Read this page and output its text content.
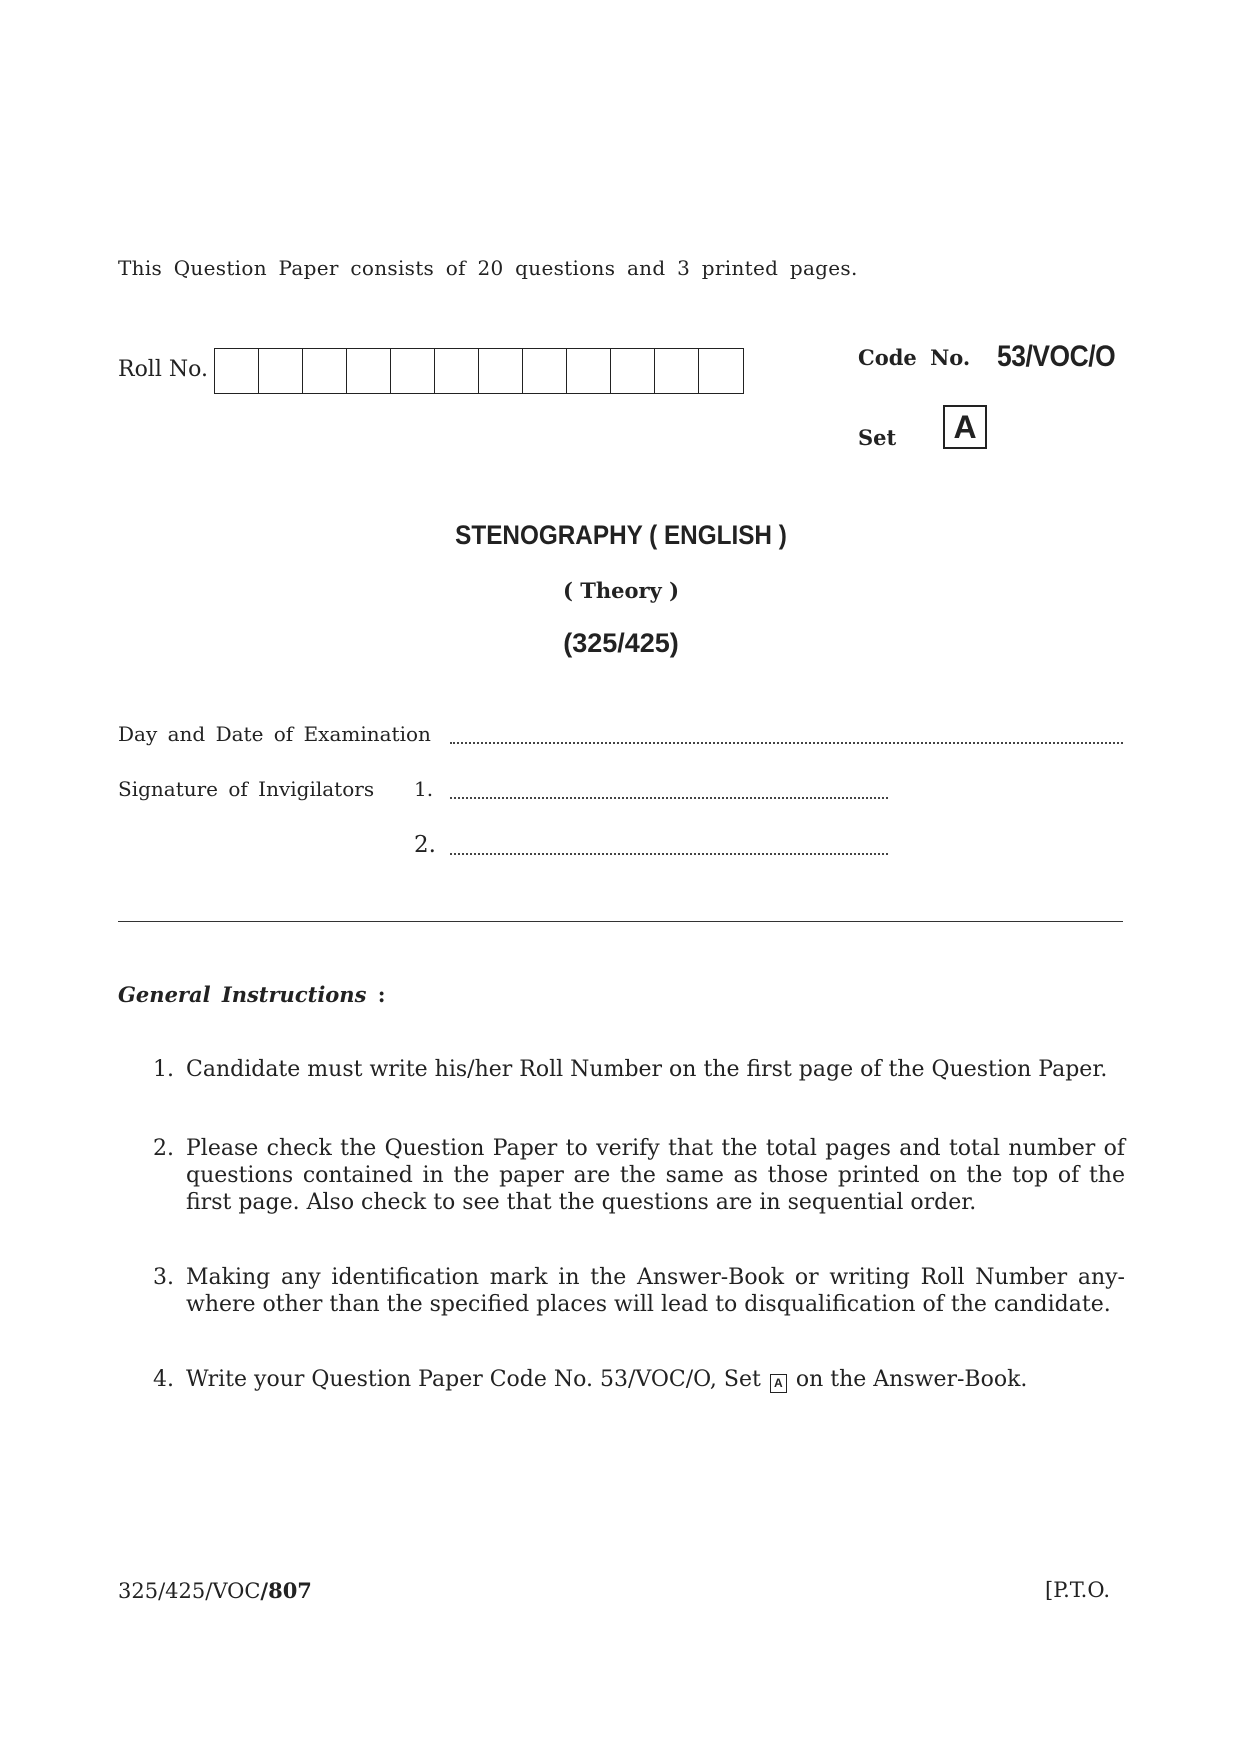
This Question Paper consists of 20 questions and 3 printed pages.
Roll No.	Code No. 53/VOC/O
Set	A
STENOGRAPHY ( ENGLISH )
( Theory )
(325/425)
Day and Date of Examination
Signature of Invigilators 1.
2.
General Instructions :
1. Candidate must write his/her Roll Number on the first page of the Question Paper.
2. Please check the Question Paper to verify that the total pages and total number of questions contained in the paper are the same as those printed on the top of the first page. Also check to see that the questions are in sequential order.
3. Making any identification mark in the Answer-Book or writing Roll Number any-where other than the specified places will lead to disqualification of the candidate.
4. Write your Question Paper Code No. 53/VOC/O, Set A on the Answer-Book.
325/425/VOC/807	[P.T.O.
